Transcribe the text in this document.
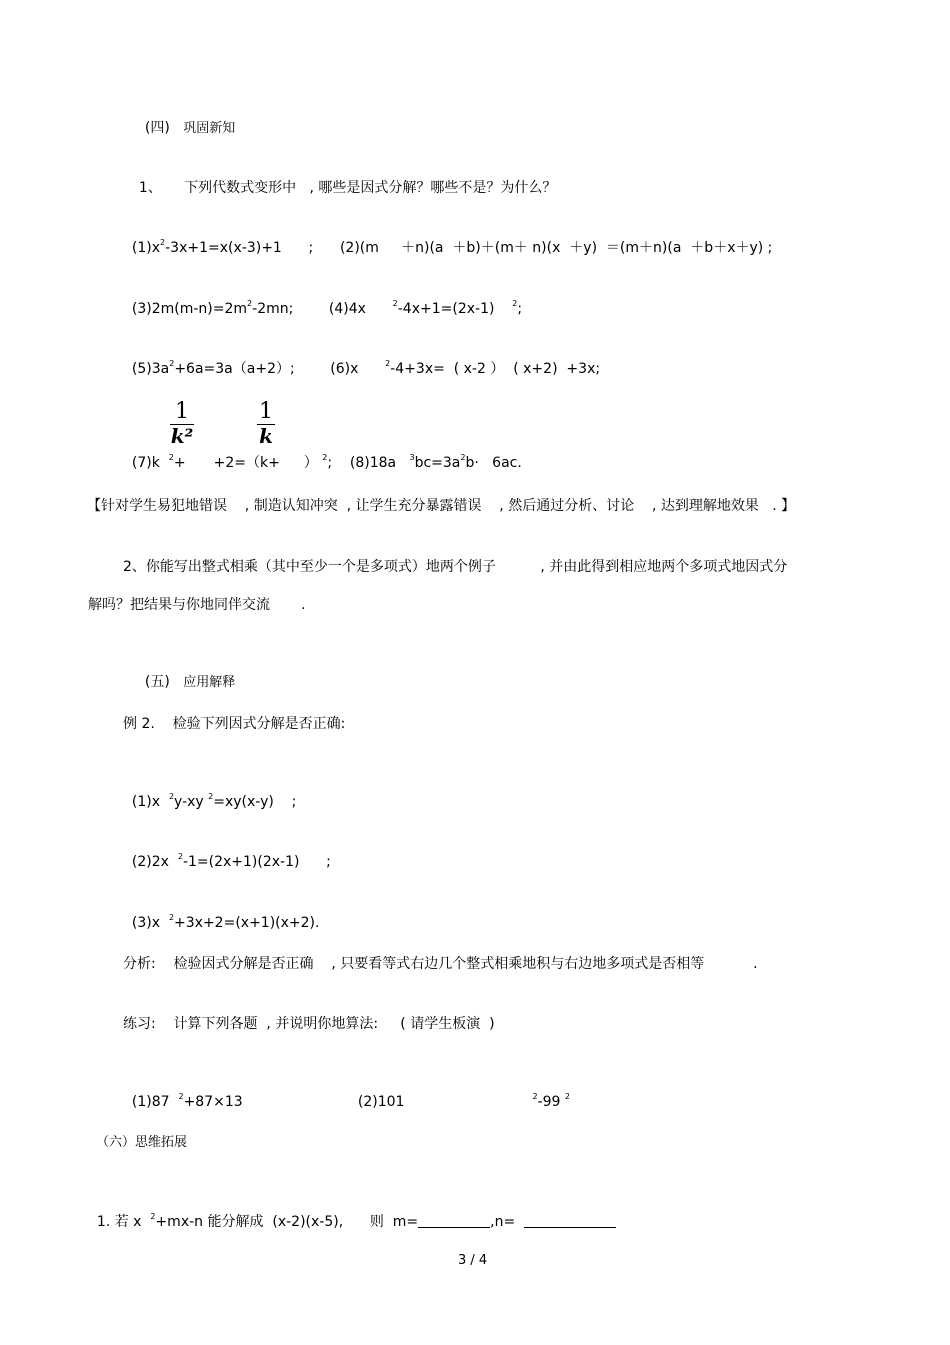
(四) 巩固新知

1、 下列代数式变形中   , 哪些是因式分解？哪些不是？为什么？

$(1)x^2-3x+1=x(x-3)+1$      ;      (2)(m     ＋n)(a  ＋b)＋(m＋ n)(x  ＋y)  ＝(m＋n)(a  ＋b＋x＋y) ;

$(3)2m(m-n)=2m^2-2mn$;        (4)4x	$^2$-4x+1=(2x-1) $^2$;

$(5)3a^2+6a=3a(a+2)$;        (6)x	$^2$-4+3x=  ( x-2 ）  ( x+2)  +3x;

1
k²
1
k

(7)k $^2$+ +2=（k+ ） $^2$;    (8)18a $^3bc=3a^2b\cdot 6ac$.

【针对学生易犯地错误    , 制造认知冲突  , 让学生充分暴露错误    , 然后通过分析、讨论    , 达到理解地效果   . 】
2、你能写出整式相乘（其中至少一个是多项式）地两个例子          , 并由此得到相应地两个多项式地因式分
解吗？把结果与你地同伴交流       .

(五) 应用解释

例 2.    检验下列因式分解是否正确:

(1)x $^2$y-xy $^2$=xy(x-y)    ;

(2)2x $^2$-1=(2x+1)(2x-1)      ;

(3)x $^2$+3x+2=(x+1)(x+2).

分析:    检验因式分解是否正确    , 只要看等式右边几个整式相乘地积与右边地多项式是否相等           .
练习:    计算下列各题  , 并说明你地算法:     ( 请学生板演  )

(1)87 $^2$+87×13	(2)101	$^2$-99 $^2$

（六）思维拓展

1. 若 x $^2$+mx-n 能分解成  (x-2)(x-5),      则  m=	,n=

3 / 4
